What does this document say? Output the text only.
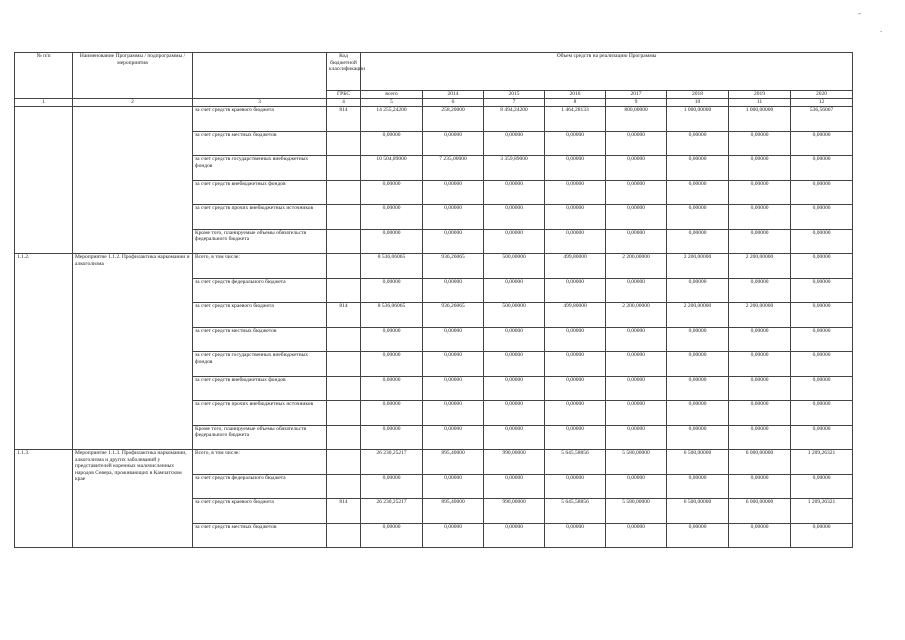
-
.
№ п/п	Наименование Программы / подпрограммы / мероприятия		Код бюджетной классификации	Объем средств на реализацию Программы							
			ГРБС	всего	2014	2015	2016	2017	2018	2019	2020
1	2	3	4	5	6	7	8	9	10	11	12
		за счет средств краевого бюджета	814	14 255,24200	258,20000	8 494,24200	1 464,28133	800,00000	1 000,00000	1 000,00000	536,56067
		за счет средств местных бюджетов		0,00000	0,00000	0,00000	0,00000	0,00000	0,00000	0,00000	0,00000
		за счет средств государственных внебюджетных фондов		10 504,89000	7 235,00000	3 359,89000	0,00000	0,00000	0,00000	0,00000	0,00000
		за счет средств внебюджетных фондов		0,00000	0,00000	0,00000	0,00000	0,00000	0,00000	0,00000	0,00000
		за счет средств прочих внебюджетных источников		0,00000	0,00000	0,00000	0,00000	0,00000	0,00000	0,00000	0,00000
		Кроме того, планируемые объемы обязательств федерального бюджета		0,00000	0,00000	0,00000	0,00000	0,00000	0,00000	0,00000	0,00000
1.1.2.	Мероприятие 1.1.2. Профилактика наркомании и алкоголизма	Всего, в том числе:		8 536,06065	936,26065	500,00000	499,80000	2 200,00000	2 200,00000	2 200,00000	0,00000
		за счет средств федерального бюджета		0,00000	0,00000	0,00000	0,00000	0,00000	0,00000	0,00000	0,00000
		за счет средств краевого бюджета	814	8 536,06065	936,26065	500,00000	499,80000	2 200,00000	2 200,00000	2 200,00000	0,00000
		за счет средств местных бюджетов		0,00000	0,00000	0,00000	0,00000	0,00000	0,00000	0,00000	0,00000
		за счет средств государственных внебюджетных фондов		0,00000	0,00000	0,00000	0,00000	0,00000	0,00000	0,00000	0,00000
		за счет средств внебюджетных фондов		0,00000	0,00000	0,00000	0,00000	0,00000	0,00000	0,00000	0,00000
		за счет средств прочих внебюджетных источников		0,00000	0,00000	0,00000	0,00000	0,00000	0,00000	0,00000	0,00000
		Кроме того, планируемые объемы обязательств федерального бюджета		0,00000	0,00000	0,00000	0,00000	0,00000	0,00000	0,00000	0,00000
1.1.3.	Мероприятие 1.1.3. Профилактика наркомании, алкоголизма и других заболеваний у представителей коренных малочисленных народов Севера, проживающих в Камчатском крае	Всего, в том числе:		26 230,25217	895,40000	990,00000	5 645,58856	5 580,00000	6 500,00000	6 000,00000	1 209,26321
		за счет средств федерального бюджета		0,00000	0,00000	0,00000	0,00000	0,00000	0,00000	0,00000	0,00000
		за счет средств краевого бюджета	814	26 230,25217	895,40000	990,00000	5 645,58856	5 580,00000	6 500,00000	6 000,00000	1 209,26321
		за счет средств местных бюджетов		0,00000	0,00000	0,00000	0,00000	0,00000	0,00000	0,00000	0,00000
